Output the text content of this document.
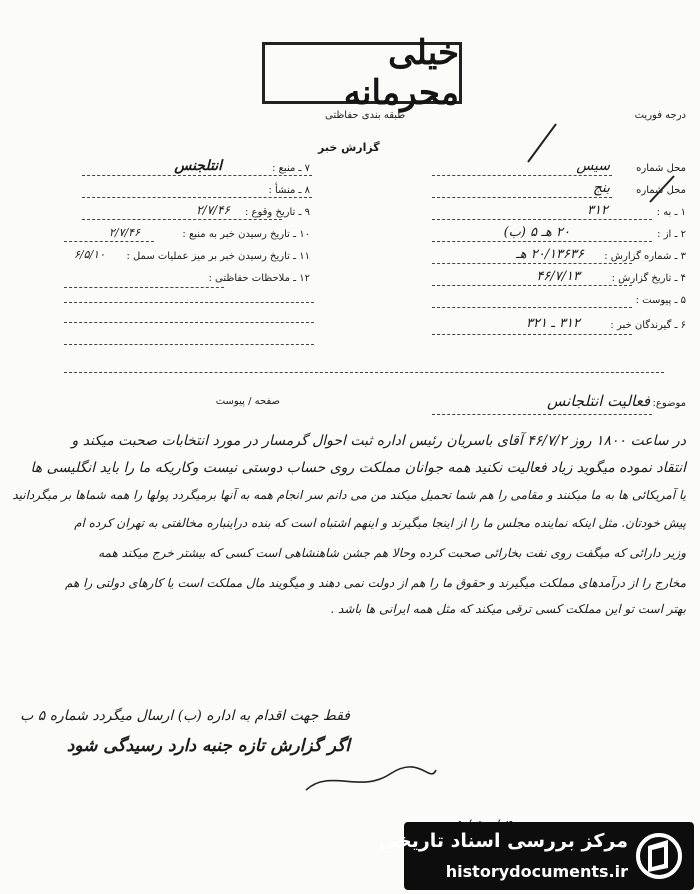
درجه فوریت
خیلی محرمانه
طبقه بندی حفاظتی
گزارش خبر
۷ ـ منبع :
انتلجنس
۸ ـ منشأ :
۹ ـ تاریخ وقوع :
۲/۷/۴۶
۱۰ ـ تاریخ رسیدن خبر به منبع :
۲/۷/۴۶
۱۱ ـ تاریخ رسیدن خبر بر میز عملیات سمل :
۶/۵/۱۰
۱۲ ـ ملاحظات حفاظتی :
محل شماره
سیس
محل شماره
بنج
۱ ـ به :
۳۱۲
۲ ـ از :
۲۰ هـ ۵ (ب)
۳ ـ شماره گزارش :
۲۰/۱۳۶۳۶ هـ
۴ ـ تاریخ گزارش :
۴۶/۷/۱۳
۵ ـ پیوست :
۶ ـ گیرندگان خبر :
۳۱۲ ـ ۳۲۱
صفحه / پیوست	موضوع:
فعالیت انتلجانس
در ساعت ۱۸۰۰ روز ۴۶/۷/۲ آقای باسریان رئیس اداره ثبت احوال گرمسار در مورد انتخابات صحبت میکند و
انتقاد نموده میگوید زیاد فعالیت نکنید همه جوانان مملکت روی حساب دوستی نیست وکاریکه ما را باید انگلیسی ها
یا آمریکائی ها به ما میکنند و مقامی را هم شما تحمیل میکند من می دانم سر انجام همه به آنها برمیگردد پولها را همه شماها بر میگردانید
پیش خودتان. مثل اینکه نماینده مجلس ما را از اینجا میگیرند و اینهم اشتباه است که بنده دراینباره مخالفتی به تهران کرده ام
وزیر دارائی که میگفت روی نفت بخارائی صحبت کرده وحالا هم جشن شاهنشاهی است کسی که بیشتر خرج میکند همه
مخارج را از درآمدهای مملکت میگیرند و حقوق ما را هم از دولت نمی دهند و میگویند مال مملکت است یا کارهای دولتی را هم
بهتر است تو این مملکت کسی ترقی میکند که مثل همه ایرانی ها باشد .
فقط جهت اقدام به اداره (ب) ارسال میگردد شماره ۵ ب
اگر گزارش تازه جنبه دارد رسیدگی شود
مرکز بررسی اسناد تاریخی
historydocuments.ir
